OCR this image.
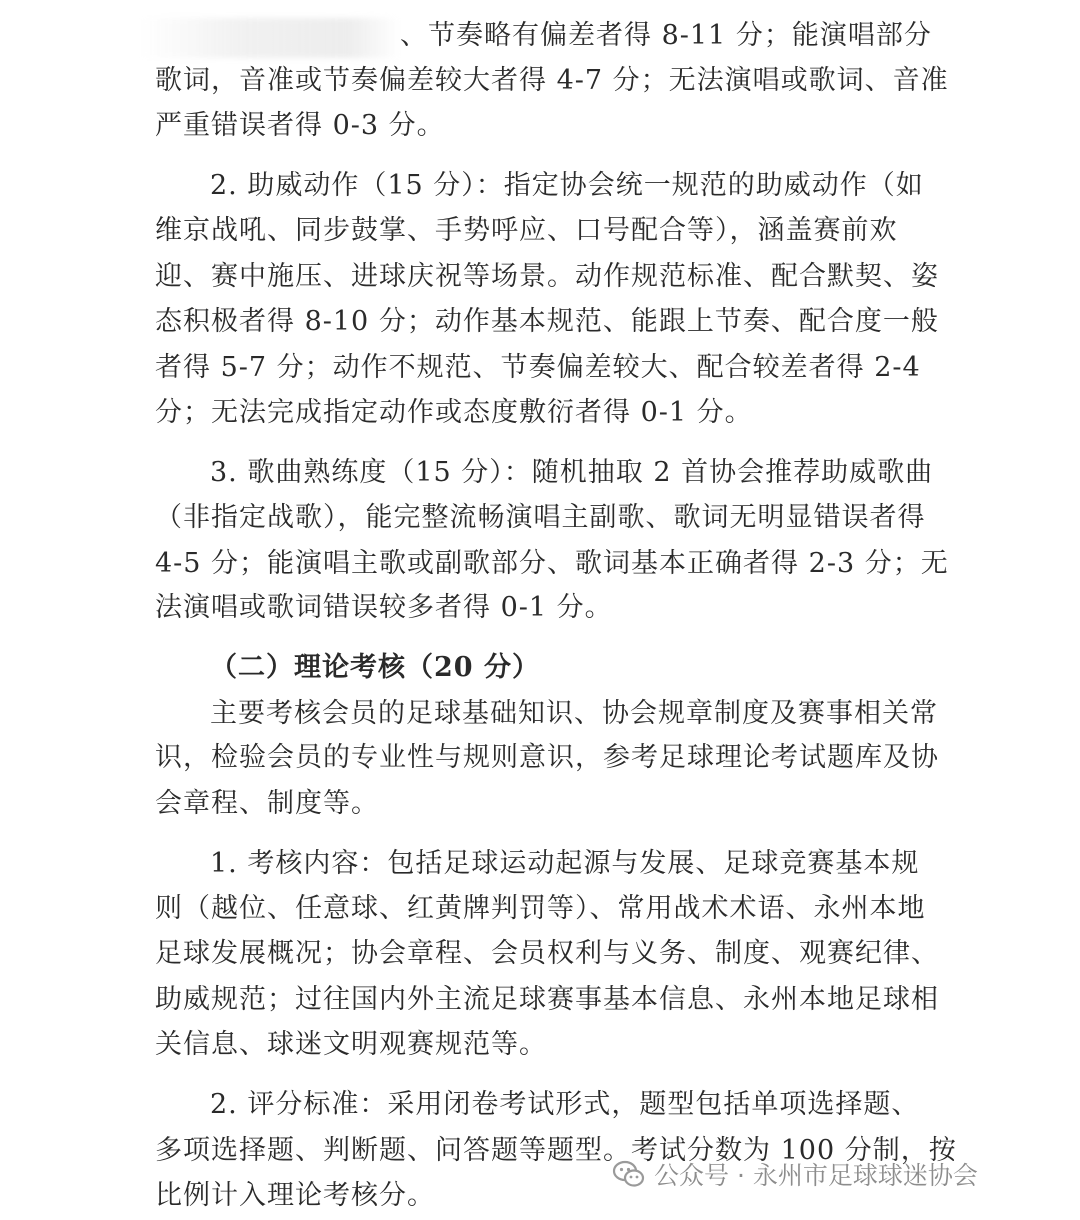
、节奏略有偏差者得 8-11 分；能演唱部分
歌词，音准或节奏偏差较大者得 4-7 分；无法演唱或歌词、音准
严重错误者得 0-3 分。
2. 助威动作（15 分）：指定协会统一规范的助威动作（如
维京战吼、同步鼓掌、手势呼应、口号配合等），涵盖赛前欢
迎、赛中施压、进球庆祝等场景。动作规范标准、配合默契、姿
态积极者得 8-10 分；动作基本规范、能跟上节奏、配合度一般
者得 5-7 分；动作不规范、节奏偏差较大、配合较差者得 2-4
分；无法完成指定动作或态度敷衍者得 0-1 分。
3. 歌曲熟练度（15 分）：随机抽取 2 首协会推荐助威歌曲
（非指定战歌），能完整流畅演唱主副歌、歌词无明显错误者得
4-5 分；能演唱主歌或副歌部分、歌词基本正确者得 2-3 分；无
法演唱或歌词错误较多者得 0-1 分。
（二）理论考核（20 分）
主要考核会员的足球基础知识、协会规章制度及赛事相关常
识，检验会员的专业性与规则意识，参考足球理论考试题库及协
会章程、制度等。
1. 考核内容：包括足球运动起源与发展、足球竞赛基本规
则（越位、任意球、红黄牌判罚等）、常用战术术语、永州本地
足球发展概况；协会章程、会员权利与义务、制度、观赛纪律、
助威规范；过往国内外主流足球赛事基本信息、永州本地足球相
关信息、球迷文明观赛规范等。
2. 评分标准：采用闭卷考试形式，题型包括单项选择题、
多项选择题、判断题、问答题等题型。考试分数为 100 分制，按
比例计入理论考核分。
公众号 · 永州市足球球迷协会
